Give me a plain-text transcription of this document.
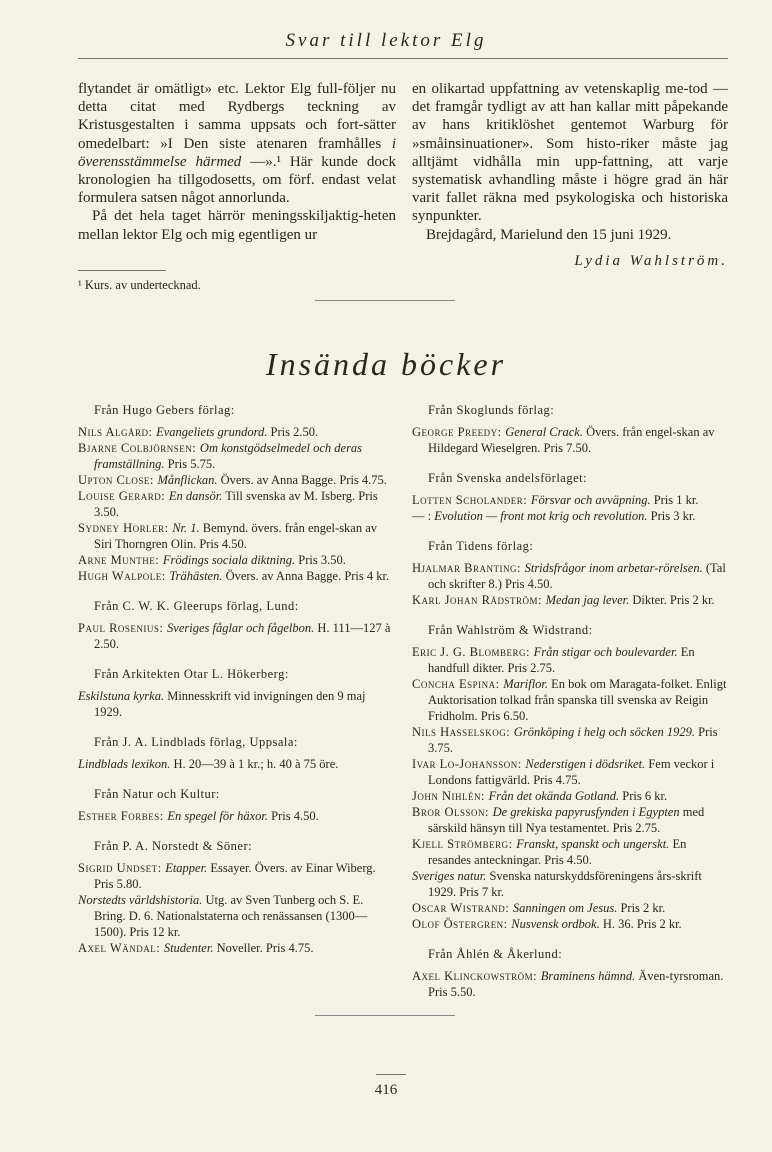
Svar till lektor Elg

flytandet är omätligt» etc. Lektor Elg full-följer nu detta citat med Rydbergs teckning av Kristusgestalten i samma uppsats och fort-sätter omedelbart: »I Den siste atenaren framhålles i överensstämmelse härmed —».¹ Här kunde dock kronologien ha tillgodosetts, om förf. endast velat formulera satsen något annorlunda.

På det hela taget härrör meningsskiljaktig-heten mellan lektor Elg och mig egentligen ur

en olikartad uppfattning av vetenskaplig me-tod — det framgår tydligt av att han kallar mitt påpekande av hans kritiklöshet gentemot Warburg för »småinsinuationer». Som histo-riker måste jag alltjämt vidhålla min upp-fattning, att varje systematisk avhandling måste i högre grad än här varit fallet räkna med psykologiska och historiska synpunkter.

Brejdagård, Marielund den 15 juni 1929.

Lydia Wahlström.
¹ Kurs. av undertecknad.
Insända böcker
Från Hugo Gebers förlag:
Nils Algård: Evangeliets grundord. Pris 2.50.
Bjarne Colbjörnsen: Om konstgödselmedel och deras framställning. Pris 5.75.
Upton Close: Månflickan. Övers. av Anna Bagge. Pris 4.75.
Louise Gerard: En dansör. Till svenska av M. Isberg. Pris 3.50.
Sydney Horler: Nr. 1. Bemynd. övers. från engel-skan av Siri Thorngren Olin. Pris 4.50.
Arne Munthe: Frödings sociala diktning. Pris 3.50.
Hugh Walpole: Trähästen. Övers. av Anna Bagge. Pris 4 kr.
Från C. W. K. Gleerups förlag, Lund:
Paul Rosenius: Sveriges fåglar och fågelbon. H. 111—127 à 2.50.
Från Arkitekten Otar L. Hökerberg:
Eskilstuna kyrka. Minnesskrift vid invigningen den 9 maj 1929.
Från J. A. Lindblads förlag, Uppsala:
Lindblads lexikon. H. 20—39 à 1 kr.; h. 40 à 75 öre.
Från Natur och Kultur:
Esther Forbes: En spegel för häxor. Pris 4.50.
Från P. A. Norstedt & Söner:
Sigrid Undset: Etapper. Essayer. Övers. av Einar Wiberg. Pris 5.80.
Norstedts världshistoria. Utg. av Sven Tunberg och S. E. Bring. D. 6. Nationalstaterna och renässansen (1300—1500). Pris 12 kr.
Axel Wändal: Studenter. Noveller. Pris 4.75.
Från Skoglunds förlag:
George Preedy: General Crack. Övers. från engel-skan av Hildegard Wieselgren. Pris 7.50.
Från Svenska andelsförlaget:
Lotten Scholander: Försvar och avväpning. Pris 1 kr.
— : Evolution — front mot krig och revolution. Pris 3 kr.
Från Tidens förlag:
Hjalmar Branting: Stridsfrågor inom arbetar-rörelsen. (Tal och skrifter 8.) Pris 4.50.
Karl Johan Rådström: Medan jag lever. Dikter. Pris 2 kr.
Från Wahlström & Widstrand:
Eric J. G. Blomberg: Från stigar och boulevarder. En handfull dikter. Pris 2.75.
Concha Espina: Mariflor. En bok om Maragata-folket. Enligt Auktorisation tolkad från spanska till svenska av Reigin Fridholm. Pris 6.50.
Nils Hasselskog: Grönköping i helg och söcken 1929. Pris 3.75.
Ivar Lo-Johansson: Nederstigen i dödsriket. Fem veckor i Londons fattigvärld. Pris 4.75.
John Nihlén: Från det okända Gotland. Pris 6 kr.
Bror Olsson: De grekiska papyrusfynden i Egypten med särskild hänsyn till Nya testamentet. Pris 2.75.
Kjell Strömberg: Franskt, spanskt och ungerskt. En resandes anteckningar. Pris 4.50.
Sveriges natur. Svenska naturskyddsföreningens års-skrift 1929. Pris 7 kr.
Oscar Wistrand: Sanningen om Jesus. Pris 2 kr.
Olof Östergren: Nusvensk ordbok. H. 36. Pris 2 kr.
Från Åhlén & Åkerlund:
Axel Klinckowström: Braminens hämnd. Även-tyrsroman. Pris 5.50.
416
